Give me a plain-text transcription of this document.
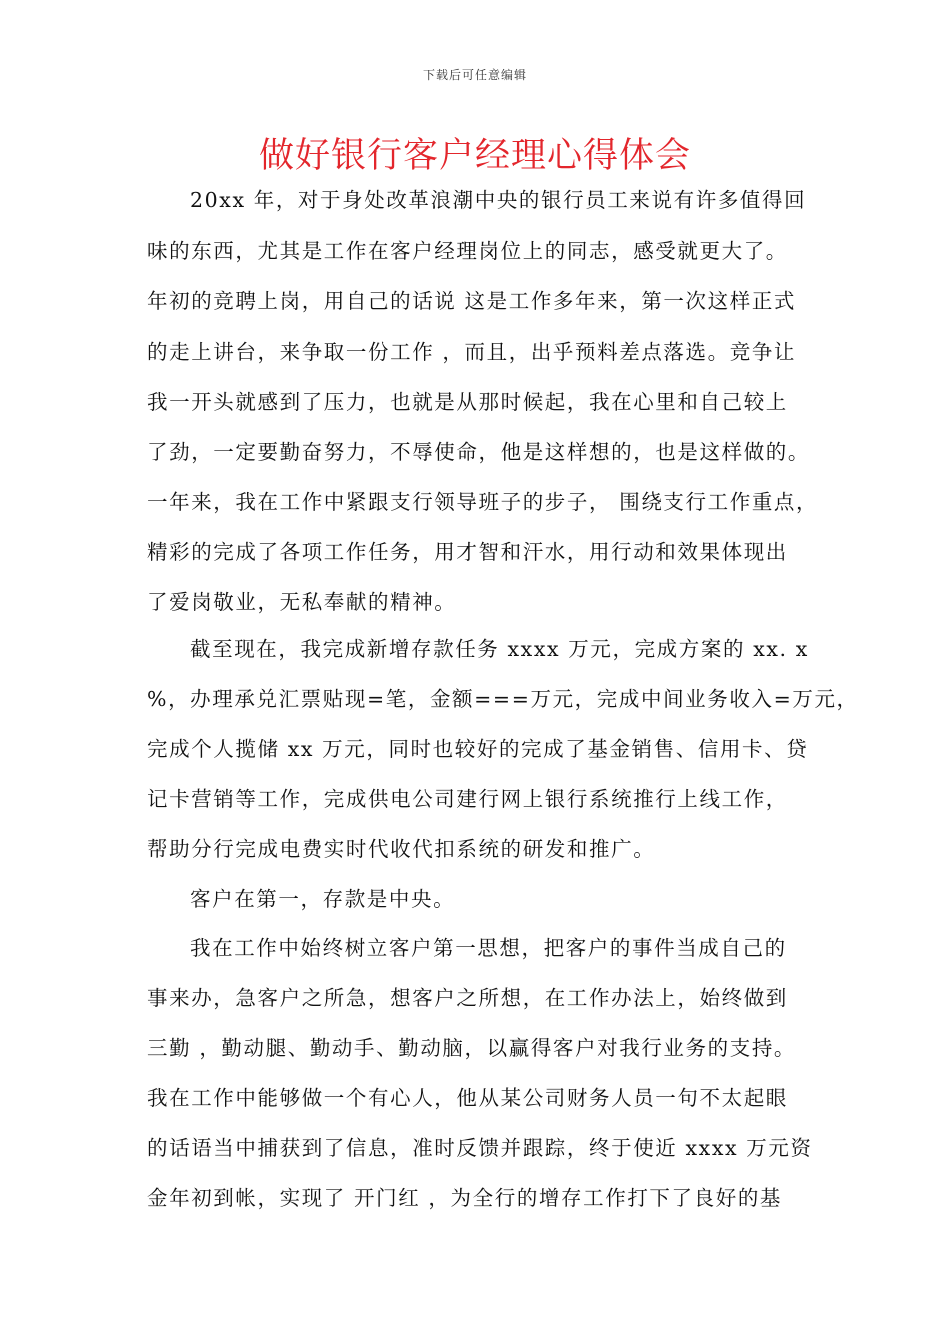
下载后可任意编辑
做好银行客户经理心得体会
20xx 年，对于身处改革浪潮中央的银行员工来说有许多值得回
味的东西，尤其是工作在客户经理岗位上的同志，感受就更大了。
年初的竞聘上岗，用自己的话说 这是工作多年来，第一次这样正式
的走上讲台，来争取一份工作 ，而且，出乎预料差点落选。竞争让
我一开头就感到了压力，也就是从那时候起，我在心里和自己较上
了劲，一定要勤奋努力，不辱使命，他是这样想的，也是这样做的。
一年来，我在工作中紧跟支行领导班子的步子， 围绕支行工作重点，
精彩的完成了各项工作任务，用才智和汗水，用行动和效果体现出
了爱岗敬业，无私奉献的精神。
截至现在，我完成新增存款任务 xxxx 万元，完成方案的 xx. x
%，办理承兑汇票贴现=笔，金额===万元，完成中间业务收入=万元，
完成个人揽储 xx 万元，同时也较好的完成了基金销售、信用卡、贷
记卡营销等工作，完成供电公司建行网上银行系统推行上线工作，
帮助分行完成电费实时代收代扣系统的研发和推广。
客户在第一，存款是中央。
我在工作中始终树立客户第一思想，把客户的事件当成自己的
事来办，急客户之所急，想客户之所想，在工作办法上，始终做到
三勤 ，勤动腿、勤动手、勤动脑，以赢得客户对我行业务的支持。
我在工作中能够做一个有心人，他从某公司财务人员一句不太起眼
的话语当中捕获到了信息，准时反馈并跟踪，终于使近 xxxx 万元资
金年初到帐，实现了 开门红 ，为全行的增存工作打下了良好的基
